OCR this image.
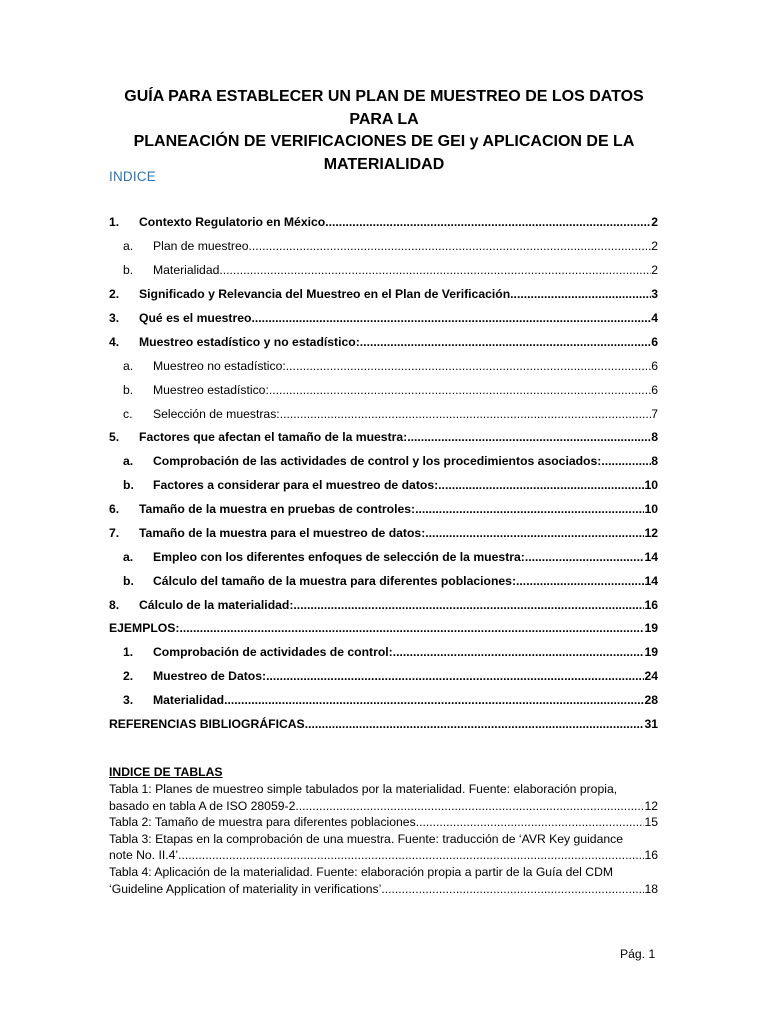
GUÍA PARA ESTABLECER UN PLAN DE MUESTREO DE LOS DATOS PARA LA
PLANEACIÓN DE VERIFICACIONES DE GEI y APLICACION DE LA
MATERIALIDAD
INDICE
1.	Contexto Regulatorio en México .....	2
a.	Plan de muestreo .....	2
b.	Materialidad .....	2
2.	Significado y Relevancia del Muestreo en el Plan de Verificación .....	3
3.	Qué es el muestreo .....	4
4.	Muestreo estadístico y no estadístico: .....	6
a.	Muestreo no estadístico: .....	6
b.	Muestreo estadístico: .....	6
c.	Selección de muestras: .....	7
5.	Factores que afectan el tamaño de la muestra: .....	8
a.	Comprobación de las actividades de control y los procedimientos asociados: .....	8
b.	Factores a considerar para el muestreo de datos: .....	10
6.	Tamaño de la muestra en pruebas de controles: .....	10
7.	Tamaño de la muestra para el muestreo de datos: .....	12
a.	Empleo con los diferentes enfoques de selección de la muestra: .....	14
b.	Cálculo del tamaño de la muestra para diferentes poblaciones: .....	14
8.	Cálculo de la materialidad: .....	16
EJEMPLOS: .....	19
1.	Comprobación de actividades de control: .....	19
2.	Muestreo de Datos: .....	24
3.	Materialidad .....	28
REFERENCIAS BIBLIOGRÁFICAS .....	31
INDICE DE TABLAS
Tabla 1: Planes de muestreo simple tabulados por la materialidad. Fuente: elaboración propia,
basado en tabla A de ISO 28059-2 .....	12
Tabla 2: Tamaño de muestra para diferentes poblaciones .....	15
Tabla 3: Etapas en la comprobación de una muestra. Fuente: traducción de ‘AVR Key guidance
note No. II.4’ .....	16
Tabla 4: Aplicación de la materialidad. Fuente: elaboración propia a partir de la Guía del CDM
‘Guideline Application of materiality in verifications’. .....	18
Pág. 1
